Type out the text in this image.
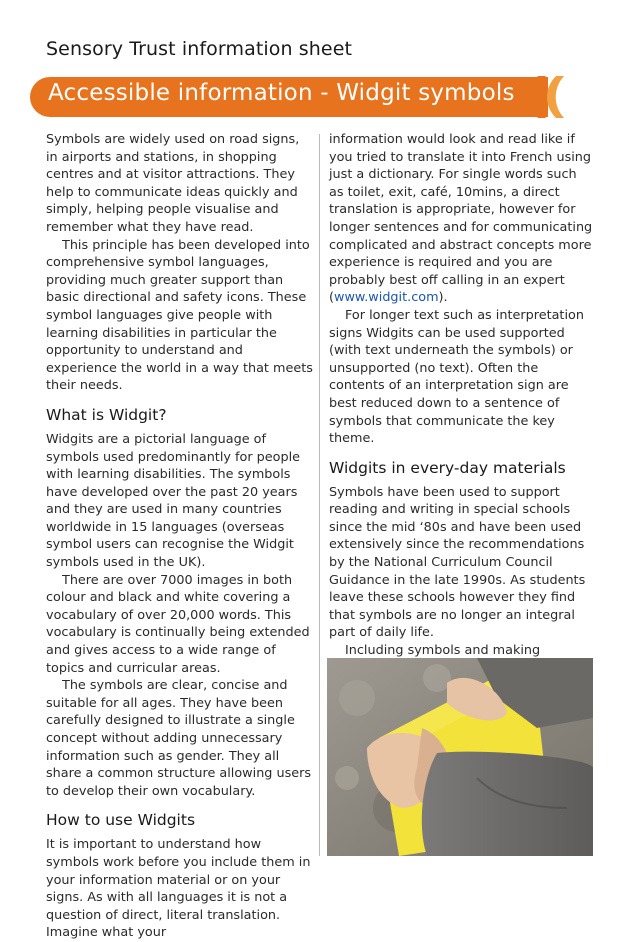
Sensory Trust information sheet
Accessible information - Widgit symbols

Symbols are widely used on road signs, in airports and stations, in shopping centres and at visitor attractions. They help to communicate ideas quickly and simply, helping people visualise and remember what they have read.

This principle has been developed into comprehensive symbol languages, providing much greater support than basic directional and safety icons. These symbol languages give people with learning disabilities in particular the opportunity to understand and experience the world in a way that meets their needs.

What is Widgit?

Widgits are a pictorial language of symbols used predominantly for people with learning disabilities. The symbols have developed over the past 20 years and they are used in many countries worldwide in 15 languages (overseas symbol users can recognise the Widgit symbols used in the UK).

There are over 7000 images in both colour and black and white covering a vocabulary of over 20,000 words. This vocabulary is continually being extended and gives access to a wide range of topics and curricular areas.

The symbols are clear, concise and suitable for all ages. They have been carefully designed to illustrate a single concept without adding unnecessary information such as gender. They all share a common structure allowing users to develop their own vocabulary.

How to use Widgits

It is important to understand how symbols work before you include them in your information material or on your signs. As with all languages it is not a question of direct, literal translation. Imagine what your

information would look and read like if you tried to translate it into French using just a dictionary. For single words such as toilet, exit, café, 10mins, a direct translation is appropriate, however for longer sentences and for communicating complicated and abstract concepts more experience is required and you are probably best off calling in an expert (www.widgit.com).

For longer text such as interpretation signs Widgits can be used supported (with text underneath the symbols) or unsupported (no text). Often the contents of an interpretation sign are best reduced down to a sentence of symbols that communicate the key theme.

Widgits in every-day materials

Symbols have been used to support reading and writing in special schools since the mid ‘80s and have been used extensively since the recommendations by the National Curriculum Council Guidance in the late 1990s. As students leave these schools however they find that symbols are no longer an integral part of daily life.

Including symbols and making
